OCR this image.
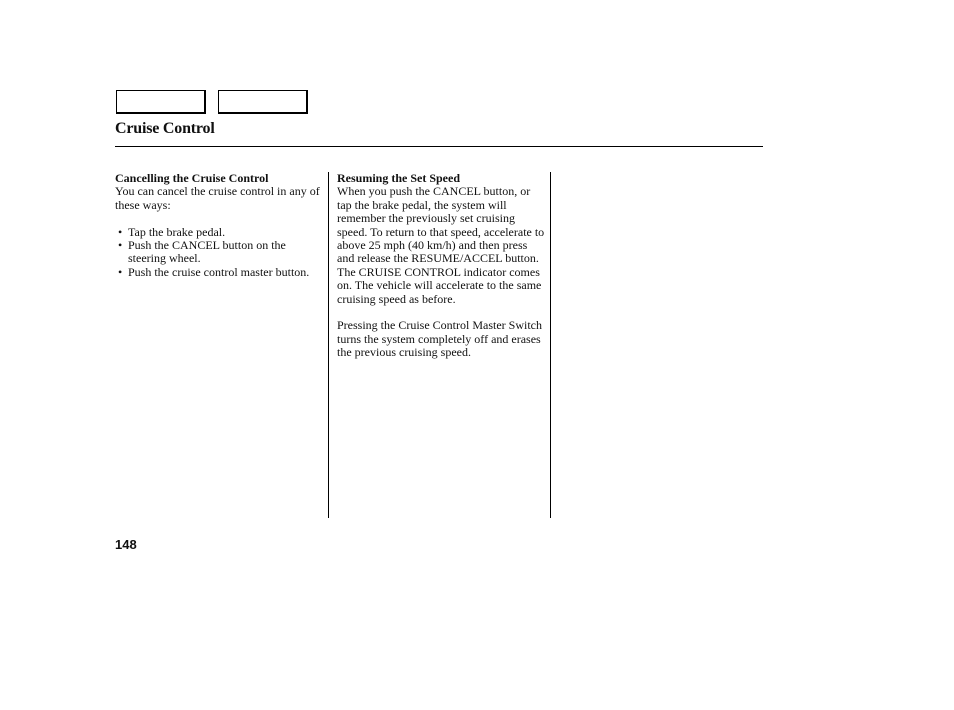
Cruise Control
Cancelling the Cruise Control

You can cancel the cruise control in any of these ways:

• Tap the brake pedal.
• Push the CANCEL button on the steering wheel.
• Push the cruise control master button.
Resuming the Set Speed

When you push the CANCEL button, or tap the brake pedal, the system will remember the previously set cruising speed. To return to that speed, accelerate to above 25 mph (40 km/h) and then press and release the RESUME/ACCEL button. The CRUISE CONTROL indicator comes on. The vehicle will accelerate to the same cruising speed as before.

Pressing the Cruise Control Master Switch turns the system completely off and erases the previous cruising speed.

148
